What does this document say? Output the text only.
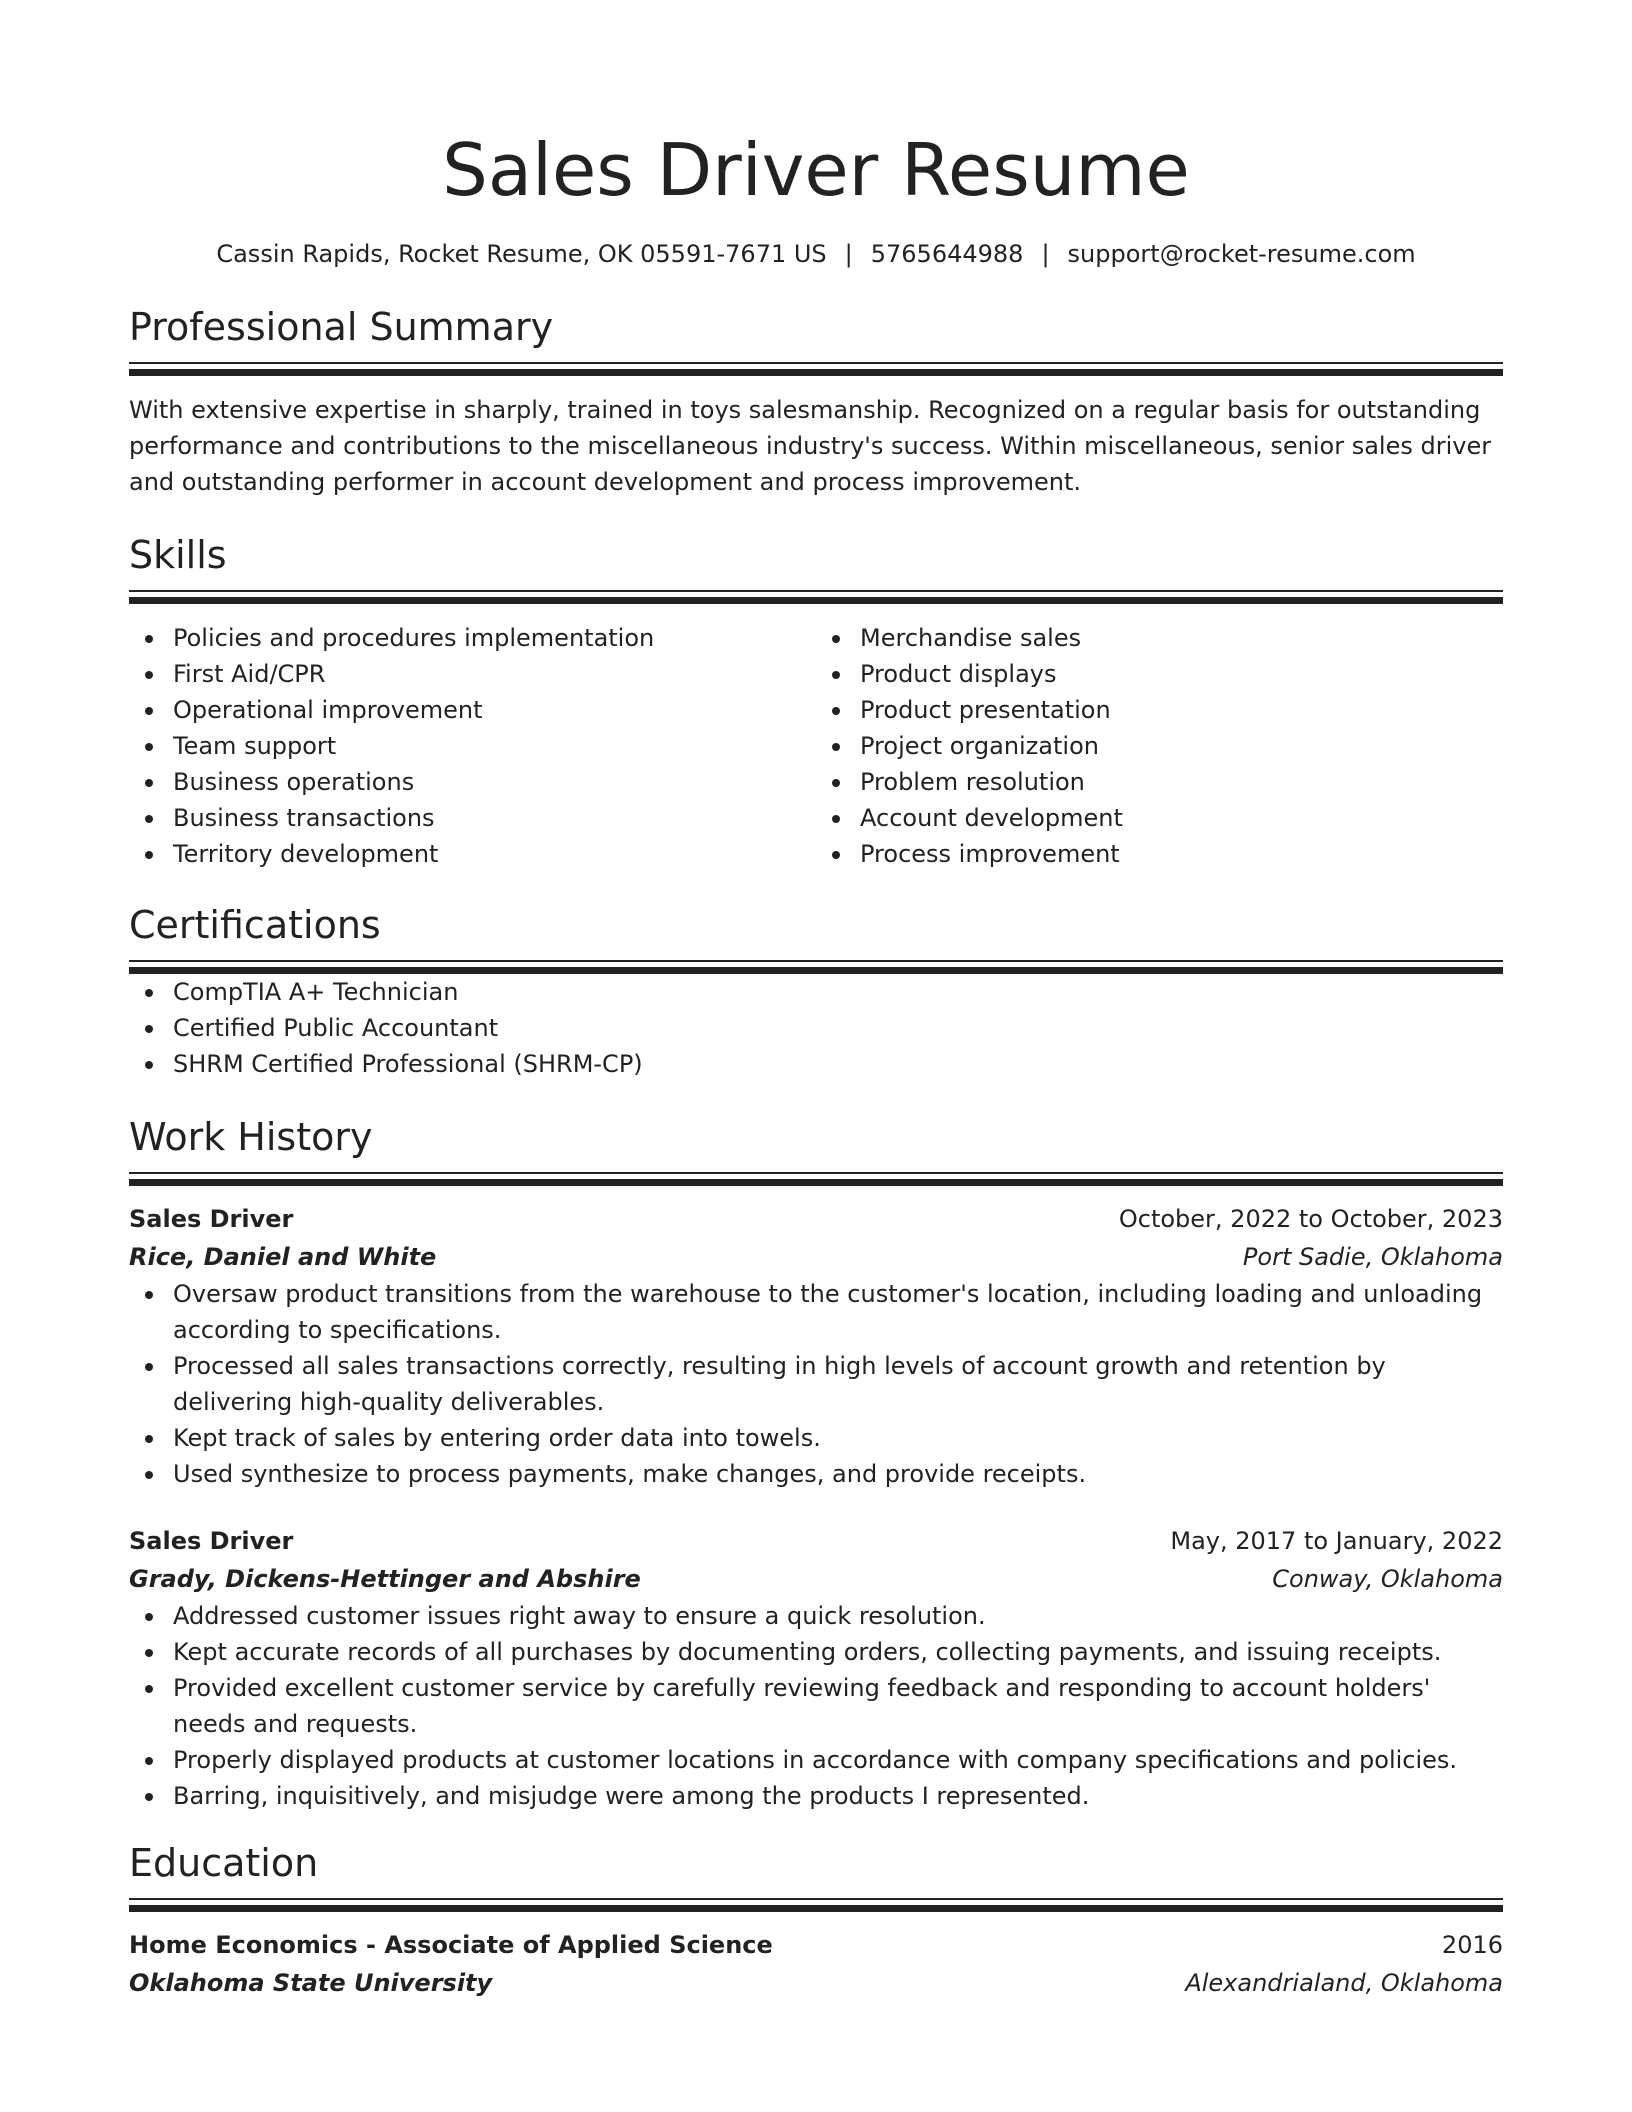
Sales Driver Resume
Cassin Rapids, Rocket Resume, OK 05591-7671 US | 5765644988 | support@rocket-resume.com
Professional Summary

With extensive expertise in sharply, trained in toys salesmanship. Recognized on a regular basis for outstanding performance and contributions to the miscellaneous industry's success. Within miscellaneous, senior sales driver and outstanding performer in account development and process improvement.

Skills
Policies and procedures implementation
First Aid/CPR
Operational improvement
Team support
Business operations
Business transactions
Territory development
Merchandise sales
Product displays
Product presentation
Project organization
Problem resolution
Account development
Process improvement
Certifications
CompTIA A+ Technician
Certified Public Accountant
SHRM Certified Professional (SHRM-CP)
Work History
Sales Driver	October, 2022 to October, 2023
Rice, Daniel and White	Port Sadie, Oklahoma
Oversaw product transitions from the warehouse to the customer's location, including loading and unloading according to specifications.
Processed all sales transactions correctly, resulting in high levels of account growth and retention by delivering high-quality deliverables.
Kept track of sales by entering order data into towels.
Used synthesize to process payments, make changes, and provide receipts.
Sales Driver	May, 2017 to January, 2022
Grady, Dickens-Hettinger and Abshire	Conway, Oklahoma
Addressed customer issues right away to ensure a quick resolution.
Kept accurate records of all purchases by documenting orders, collecting payments, and issuing receipts.
Provided excellent customer service by carefully reviewing feedback and responding to account holders' needs and requests.
Properly displayed products at customer locations in accordance with company specifications and policies.
Barring, inquisitively, and misjudge were among the products I represented.
Education
Home Economics - Associate of Applied Science	2016
Oklahoma State University	Alexandrialand, Oklahoma
